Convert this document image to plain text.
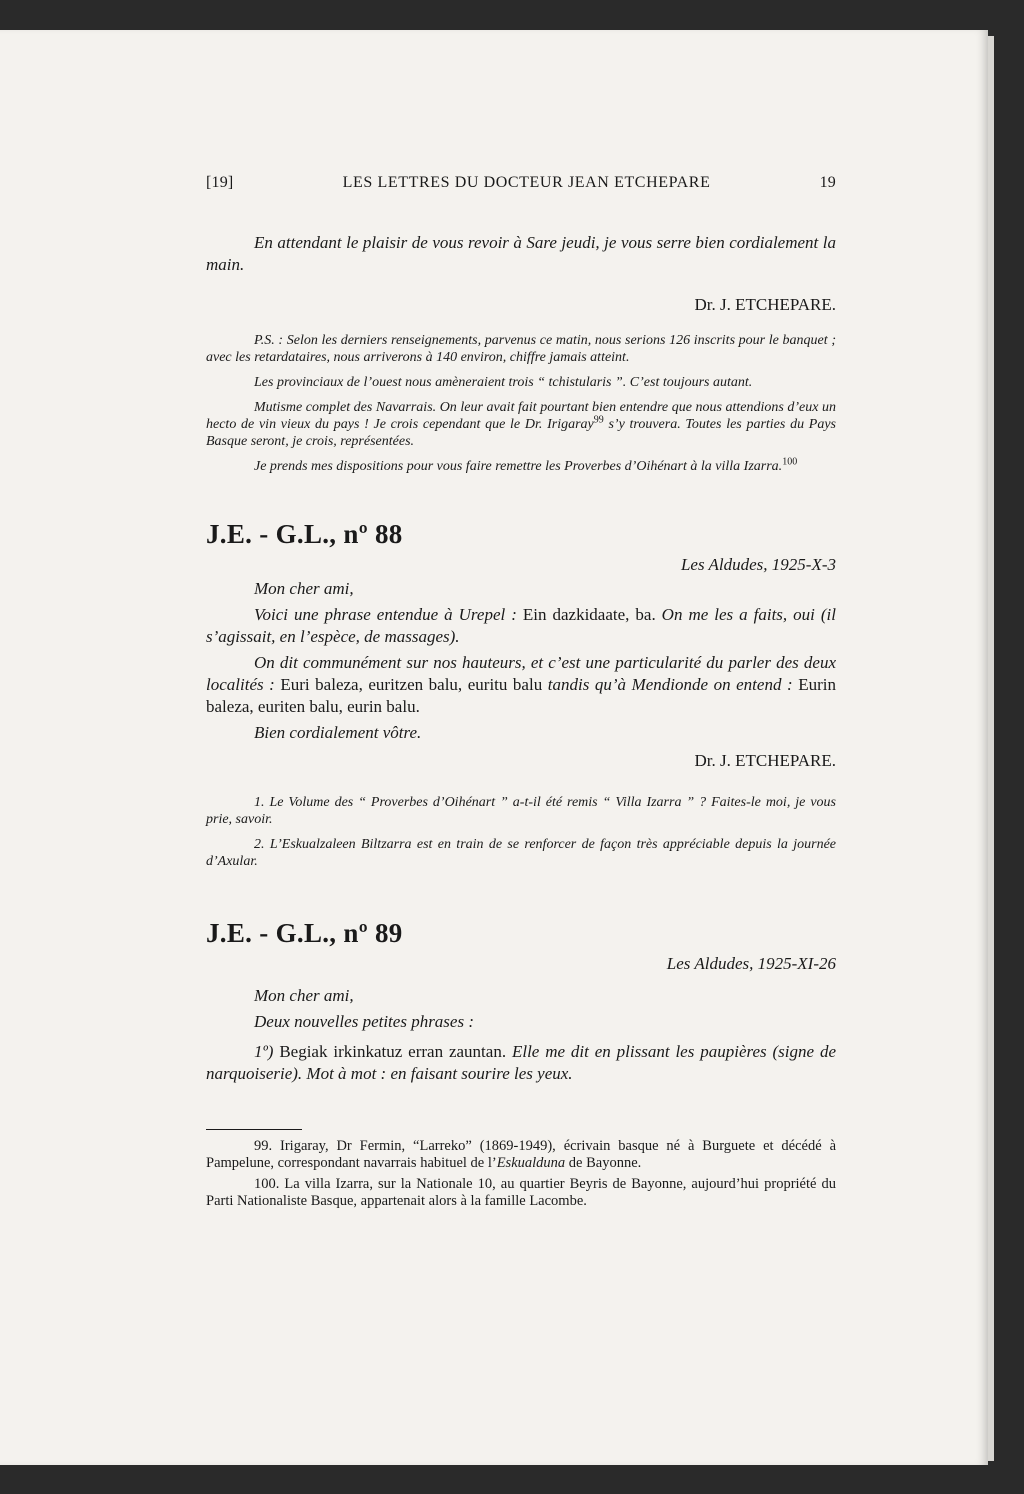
[19]	LES LETTRES DU DOCTEUR JEAN ETCHEPARE	19

En attendant le plaisir de vous revoir à Sare jeudi, je vous serre bien cordialement la main.

Dr. J. ETCHEPARE.

P.S. : Selon les derniers renseignements, parvenus ce matin, nous serions 126 inscrits pour le banquet ; avec les retardataires, nous arriverons à 140 environ, chiffre jamais atteint.

Les provinciaux de l’ouest nous amèneraient trois “ tchistularis ”. C’est toujours autant.

Mutisme complet des Navarrais. On leur avait fait pourtant bien entendre que nous attendions d’eux un hecto de vin vieux du pays ! Je crois cependant que le Dr. Irigaray$^{99}$ s’y trouvera. Toutes les parties du Pays Basque seront, je crois, représentées.

Je prends mes dispositions pour vous faire remettre les Proverbes d’Oihénart à la villa Izarra.$^{100}$

J.E. - G.L., nº 88

Les Aldudes, 1925-X-3

Mon cher ami,

Voici une phrase entendue à Urepel : Ein dazkidaate, ba. On me les a faits, oui (il s’agissait, en l’espèce, de massages).

On dit communément sur nos hauteurs, et c’est une particularité du parler des deux localités : Euri baleza, euritzen balu, euritu balu tandis qu’à Mendionde on entend : Eurin baleza, euriten balu, eurin balu.

Bien cordialement vôtre.

Dr. J. ETCHEPARE.

1. Le Volume des “ Proverbes d’Oihénart ” a-t-il été remis “ Villa Izarra ” ? Faites-le moi, je vous prie, savoir.

2. L’Eskualzaleen Biltzarra est en train de se renforcer de façon très appréciable depuis la journée d’Axular.

J.E. - G.L., nº 89

Les Aldudes, 1925-XI-26

Mon cher ami,

Deux nouvelles petites phrases :

1º) Begiak irkinkatuz erran zauntan. Elle me dit en plissant les paupières (signe de narquoiserie). Mot à mot : en faisant sourire les yeux.

99. Irigaray, Dr Fermin, “Larreko” (1869-1949), écrivain basque né à Burguete et décédé à Pampelune, correspondant navarrais habituel de l’Eskualduna de Bayonne.

100. La villa Izarra, sur la Nationale 10, au quartier Beyris de Bayonne, aujourd’hui propriété du Parti Nationaliste Basque, appartenait alors à la famille Lacombe.
